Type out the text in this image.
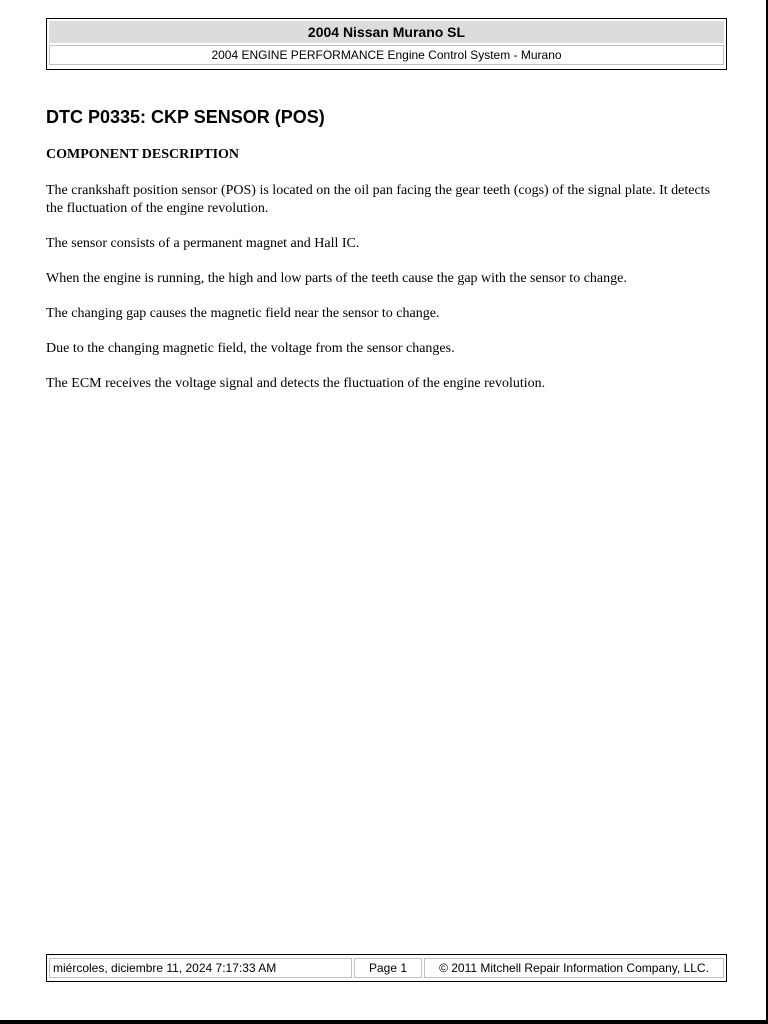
2004 Nissan Murano SL
2004 ENGINE PERFORMANCE Engine Control System - Murano
DTC P0335: CKP SENSOR (POS)
COMPONENT DESCRIPTION

The crankshaft position sensor (POS) is located on the oil pan facing the gear teeth (cogs) of the signal plate. It detects the fluctuation of the engine revolution.

The sensor consists of a permanent magnet and Hall IC.

When the engine is running, the high and low parts of the teeth cause the gap with the sensor to change.

The changing gap causes the magnetic field near the sensor to change.

Due to the changing magnetic field, the voltage from the sensor changes.

The ECM receives the voltage signal and detects the fluctuation of the engine revolution.

miércoles, diciembre 11, 2024 7:17:33 AM	Page 1	© 2011 Mitchell Repair Information Company, LLC.
